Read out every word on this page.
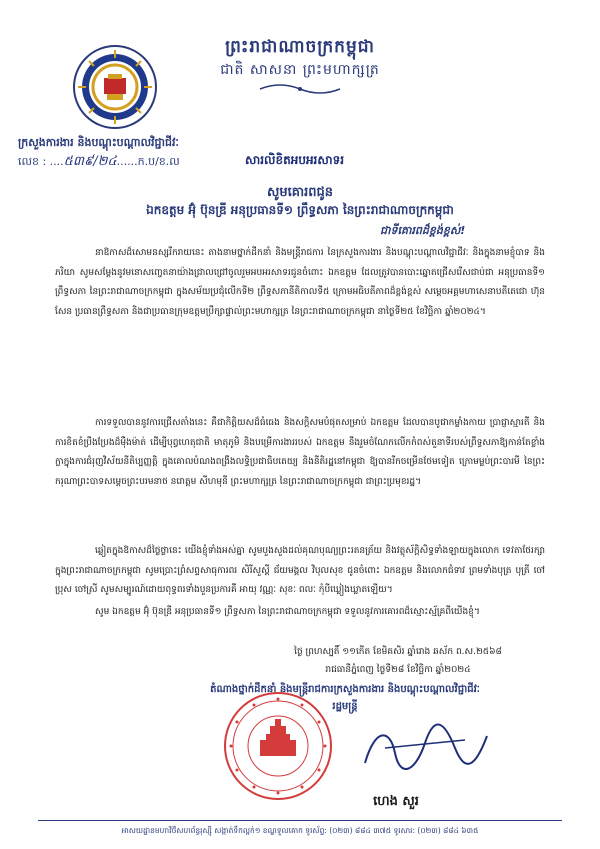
ព្រះរាជាណាចក្រកម្ពុជា
ជាតិ សាសនា ព្រះមហាក្សត្រ
ក្រសួងការងារ និងបណ្តុះបណ្តាលវិជ្ជាជីវៈ
លេខ : ....៥៣៩/២៤......ក.ប/ខ.ល	សារលិខិតអបអរសាទរ
សូមគោរពជូន
ឯកឧត្តម អ៊ុំ ប៊ុនឌ្រី អនុប្រធានទី១ ព្រឹទ្ធសភា នៃព្រះរាជាណាចក្រកម្ពុជា
ជាទីគោរពដ៏ខ្ពង់ខ្ពស់!
នាឱកាសដ៏សោមនស្សរីករាយនេះ តាងនាមថ្នាក់ដឹកនាំ និងមន្ត្រីរាជការ នៃក្រសួងការងារ និងបណ្តុះបណ្តាលវិជ្ជាជីវៈ និងក្នុងនាមខ្ញុំបាទ និងភរិយា សូមសម្តែងនូវមនោសញ្ចេតនាយ៉ាងជ្រាលជ្រៅចូលរួមអបអរសាទរជូនចំពោះ ឯកឧត្តម ដែលត្រូវបានបោះឆ្នោតជ្រើសរើសជាប់ជា អនុប្រធានទី១ ព្រឹទ្ធសភា នៃព្រះរាជាណាចក្រកម្ពុជា ក្នុងសម័យប្រជុំលើកទី២ ព្រឹទ្ធសភានីតិកាលទី៥ ក្រោមអធិបតីភាពដ៏ខ្ពង់ខ្ពស់ សម្តេចអគ្គមហាសេនាបតីតេជោ ហ៊ុន សែន ប្រធានព្រឹទ្ធសភា និងជាប្រធានក្រុមឧត្តមប្រឹក្សាផ្ទាល់ព្រះមហាក្សត្រ នៃព្រះរាជាណាចក្រកម្ពុជា នាថ្ងៃទី២៥ ខែវិច្ឆិកា ឆ្នាំ២០២៤។
ការទទួលបាននូវការជ្រើសតាំងនេះ គឺជាកិត្តិយសដ៏ធំធេង និងសក្តិសមបំផុតសម្រាប់ ឯកឧត្តម ដែលបានបូជាកម្លាំងកាយ ប្រាជ្ញាស្មារតី និងការខិតខំប្រឹងប្រែងដ៏ម៉ឺងម៉ាត់ ដើម្បីបុព្វហេតុជាតិ មាតុភូមិ និងបម្រើការងាររបស់ ឯកឧត្តម នឹងរួមចំណែកលើកកំពស់តួនាទីរបស់ព្រឹទ្ធសភាឱ្យកាន់តែខ្លាំងក្លាក្នុងការជំរុញវិស័យនីតិប្បញ្ញត្តិ ក្នុងគោលបំណងពង្រឹងលទ្ធិប្រជាធិបតេយ្យ និងនីតិរដ្ឋនៅកម្ពុជា ឱ្យបានរីកចម្រើនថែមទៀត ក្រោមម្លប់ព្រះបារមី នៃព្រះករុណាព្រះបាទសម្តេចព្រះបរមនាថ នរោត្តម សីហមុនី ព្រះមហាក្សត្រ នៃព្រះរាជាណាចក្រកម្ពុជា ជាព្រះប្រមុខរដ្ឋ។
ឆ្លៀតក្នុងឱកាសដ៏ថ្លៃថ្លានេះ យើងខ្ញុំទាំងអស់គ្នា សូមបួងសួងដល់គុណបុណ្យព្រះរតនត្រ័យ និងវត្ថុស័ក្តិសិទ្ធទាំងឡាយក្នុងលោក ទេវតាថែរក្សាក្នុងព្រះរាជាណាចក្រកម្ពុជា សូមប្រោះព្រំសព្ទសាធុការពរ សិរីសួស្តី ជ័យមង្គល វិបុលសុខ ជូនចំពោះ ឯកឧត្តម និងលោកជំទាវ ព្រមទាំងបុត្រ បុត្រី ចៅប្រុស ចៅស្រី សូមសម្បូរណ៍ដោយពុទ្ធពរទាំងបួនប្រការគឺ អាយុ វណ្ណៈ សុខៈ ពលៈ កុំបីឃ្លៀងឃ្លាតឡើយ។
សូម ឯកឧត្តម អ៊ុំ ប៊ុនឌ្រី អនុប្រធានទី១ ព្រឹទ្ធសភា នៃព្រះរាជាណាចក្រកម្ពុជា ទទួលនូវការគោរពដ៏ស្មោះស្ម័គ្រពីយើងខ្ញុំ។
ថ្ងៃ ព្រហស្បតិ៍ ១១កើត ខែមិគសិរ ឆ្នាំរោង ឆស័ក ព.ស.២៥៦៨
រាជធានីភ្នំពេញ ថ្ងៃទី២៨ ខែវិច្ឆិកា ឆ្នាំ២០២៤
តំណាងថ្នាក់ដឹកនាំ និងមន្ត្រីរាជការក្រសួងការងារ និងបណ្តុះបណ្តាលវិជ្ជាជីវៈ
រដ្ឋមន្ត្រី
ហេង សួរ
អាសយដ្ឋានមហាវិថីសហព័ន្ធរុស្ស៊ី សង្កាត់ទឹកល្អក់១ ខណ្ឌទួលគោក ទូរស័ព្ទ: (០២៣) ៨៨៤ ៣៧៥ ទូរសារ: (០២៣) ៨៨៤ ៦៣៥
